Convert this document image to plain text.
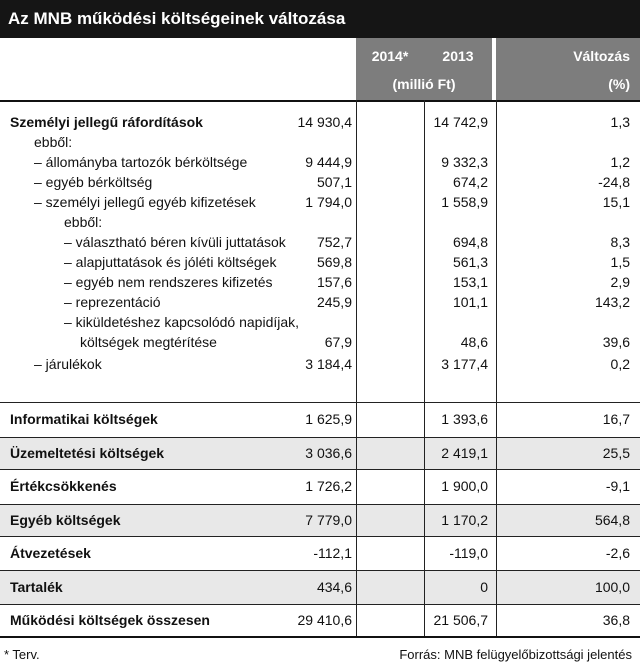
Az MNB működési költségeinek változása
2014*	2013	Változás
(millió Ft)	(%)
Személyi jellegű ráfordítások	14 930,4	14 742,9	1,3
ebből:
– állományba tartozók bérköltsége	9 444,9	9 332,3	1,2
– egyéb bérköltség	507,1	674,2	-24,8
– személyi jellegű egyéb kifizetések	1 794,0	1 558,9	15,1
ebből:
– választható béren kívüli juttatások 752,7	694,8	8,3
– alapjuttatások és jóléti költségek	569,8	561,3	1,5
– egyéb nem rendszeres kifizetés	157,6	153,1	2,9
– reprezentáció	245,9	101,1	143,2
– kiküldetéshez kapcsolódó napidíjak,
költségek megtérítése	67,9	48,6	39,6
– járulékok	3 184,4	3 177,4	0,2
Informatikai költségek	1 625,9	1 393,6	16,7
Üzemeltetési költségek	3 036,6	2 419,1	25,5
Értékcsökkenés	1 726,2	1 900,0	-9,1
Egyéb költségek	7 779,0	1 170,2	564,8
Átvezetések	-112,1	-119,0	-2,6
Tartalék	434,6	0	100,0
Működési költségek összesen	29 410,6	21 506,7	36,8
* Terv.	Forrás: MNB felügyelőbizottsági jelentés
